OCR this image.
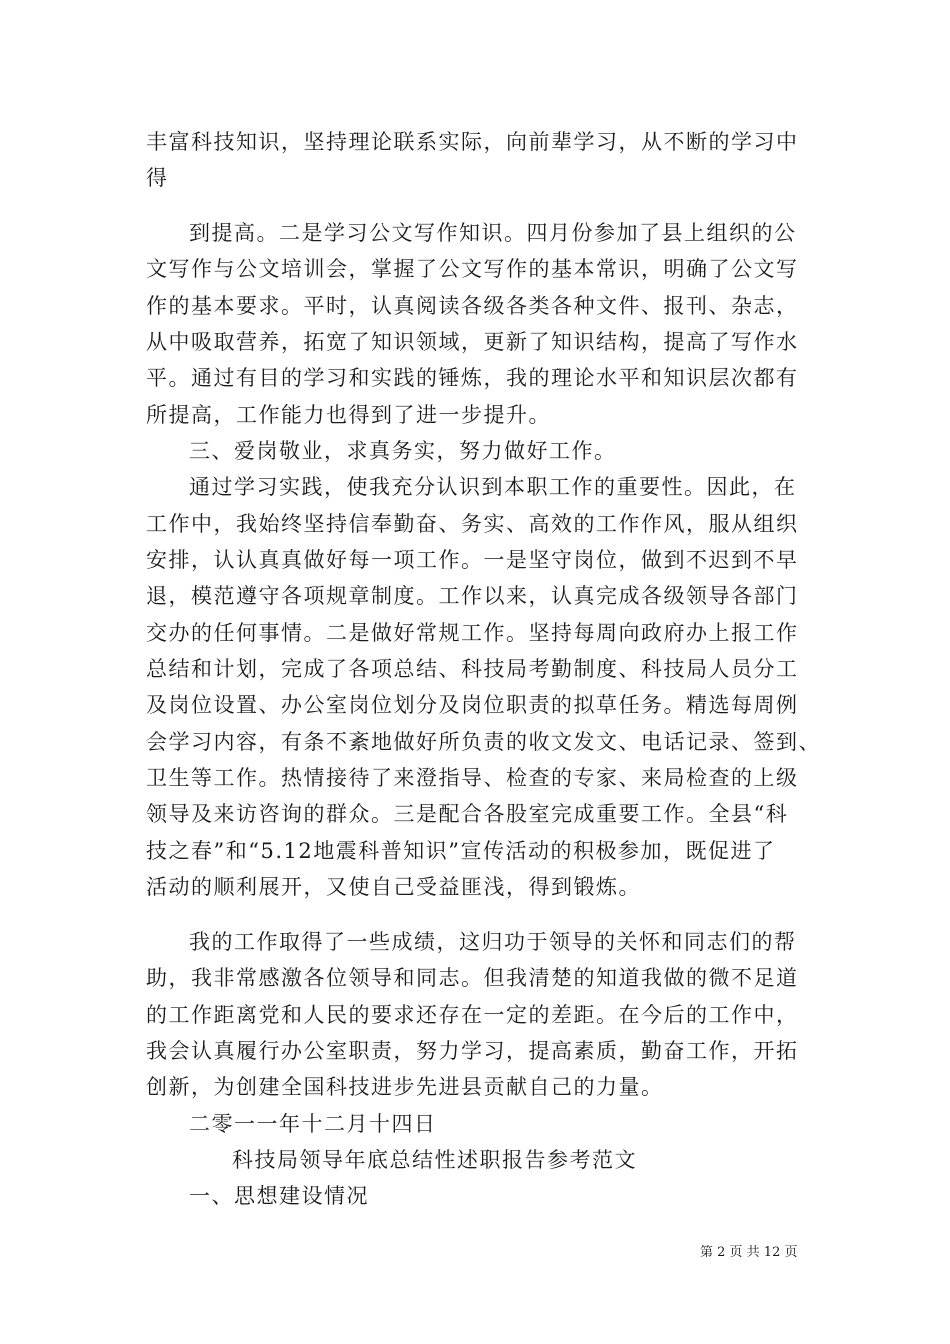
丰富科技知识，坚持理论联系实际，向前辈学习，从不断的学习中
得
到提高。二是学习公文写作知识。四月份参加了县上组织的公
文写作与公文培训会，掌握了公文写作的基本常识，明确了公文写
作的基本要求。平时，认真阅读各级各类各种文件、报刊、杂志，
从中吸取营养，拓宽了知识领域，更新了知识结构，提高了写作水
平。通过有目的学习和实践的锤炼，我的理论水平和知识层次都有
所提高，工作能力也得到了进一步提升。
三、爱岗敬业，求真务实，努力做好工作。
通过学习实践，使我充分认识到本职工作的重要性。因此，在
工作中，我始终坚持信奉勤奋、务实、高效的工作作风，服从组织
安排，认认真真做好每一项工作。一是坚守岗位，做到不迟到不早
退，模范遵守各项规章制度。工作以来，认真完成各级领导各部门
交办的任何事情。二是做好常规工作。坚持每周向政府办上报工作
总结和计划，完成了各项总结、科技局考勤制度、科技局人员分工
及岗位设置、办公室岗位划分及岗位职责的拟草任务。精选每周例
会学习内容，有条不紊地做好所负责的收文发文、电话记录、签到、
卫生等工作。热情接待了来澄指导、检查的专家、来局检查的上级
领导及来访咨询的群众。三是配合各股室完成重要工作。全县“科
技之春”和“5.12地震科普知识”宣传活动的积极参加，既促进了
活动的顺利展开，又使自己受益匪浅，得到锻炼。
我的工作取得了一些成绩，这归功于领导的关怀和同志们的帮
助，我非常感激各位领导和同志。但我清楚的知道我做的微不足道
的工作距离党和人民的要求还存在一定的差距。在今后的工作中，
我会认真履行办公室职责，努力学习，提高素质，勤奋工作，开拓
创新，为创建全国科技进步先进县贡献自己的力量。
二零一一年十二月十四日
科技局领导年底总结性述职报告参考范文
一、思想建设情况
第 2 页 共 12 页
